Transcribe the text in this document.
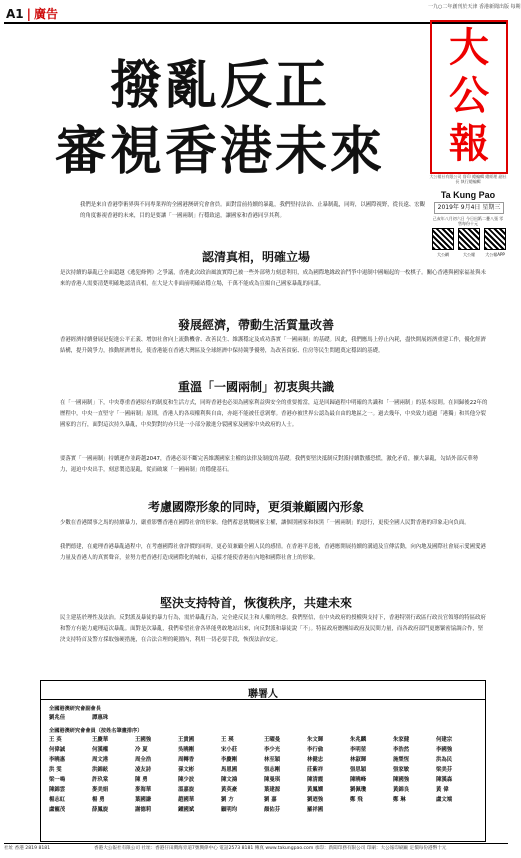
A1 | 廣告	一九○二年創刊於天津 香港新聞出版 每期
大
公
報
大公報社有限公司 督印 總編輯 總經理 副社長 執行總編輯
Ta Kung Pao
2019年 9月4日 星期三
己亥年八月初六日 今日出紙二疊八張 零售每份十元
大公網	大公報	大公報APP
撥亂反正
審視香港未來
我們是來自香港學術界與不同專業界的全國港澳研究會會員。面對當前持續的暴亂，我們堅持法治、止暴制亂，同時，以國際視野，從長遠、宏觀的角度審視香港的未來，目的是要讓「一國兩制」行穩致遠，讓國家和香港同享其利。
認清真相，明確立場
是次持續的暴亂已全面超越《逃犯條例》之爭議，香港此次政治風波實際已被一些外部勢力刻意利用，成為國際地緣政治鬥爭中遏制中國崛起的一枚棋子。關心香港與國家福祉與未來的香港人需要清楚明確地認清真相，在大是大非面前明確站穩立場，千萬不能成為宣揚自己國家暴亂的同謀。
發展經濟，帶動生活質量改善
香港經濟持續發展是促進公平正義、增加社會向上流動機會、改善民生、維護穩定及成功落實「一國兩制」的基礎。因此，我們應馬上停止內耗，盡快開展經濟重建工作，優化經濟結構，提升競爭力，推動經濟增長，使香港能在香港大灣區及全球經濟中保持競爭優勢，為改善貧窮、住房等民生問題奠定穩固的基礎。
重溫「一國兩制」初衷與共識
在「一國兩制」下，中央尊重香港原有的制度和生活方式，同時香港也必須為國家利益與安全的重要擔當，這是回歸過程中明確的共識和「一國兩制」的基本原則。在回歸後22年的歷程中，中央一直堅守「一國兩制」原則，香港人的各項權利與自由，亦絕不能被任意剝奪。香港亦被世界公認為最自由的地區之一。過去幾年，中央致力通過「港獨」和其他分裂國家的言行，面對這次持久暴亂，中央對對約亦只是一小部分激進分裂國家及國家中央政府的人士。
要落實「一國兩制」持續運作並跨越2047，香港必須不斷完善維護國家主權的法律及制度的基礎。我們要堅決抵制反對派持續散播恐慌，激化矛盾，擴大暴亂，勾結外部反華勢力，遏迫中央出手，刻意製造混亂，從而破壞「一國兩制」的穩健基石。
考慮國際形象的同時，更須兼顧國內形象
少數在香港鬧事之馬的持續暴力，嚴重影響香港在國際社會的形象。他們蓄意挑戰國家主權，讓個別國家和抹黑「一國兩制」的惡行，更使全國人民對香港的印象走向負面。
我們德建，在處理香港暴亂過程中，在考慮國際社會評價的同時，更必須兼顧全國人民的感情。在香港平息後，香港應開展持續的溝通及宣傳活動，向內地及國際社會展示愛國愛港力量及香港人的真實聲音，並努力把香港打造成國際化的城市，這樣才能使香港在內地和國際社會上的形象。
堅決支持特首，恢復秩序，共建未來
民主建基於理性及法治。反對派及暴徒的暴力行為，需於暴亂行為，完全違反民主和人權的理念。我們堅信，在中央政府的授權與支持下，香港特別行政區行政長官領導的特區政府和警方有能力處理這次暴亂。面對是次暴亂，我們希望社會各界能勇敢地站出來，向反對派和暴徒說「不」。特區政府應團結政府及民間力量，而各政府部門更應緊密協調合作，堅決支持特首及警方採取強硬措施，在合法合理的範圍內，利用一切必要手段，恢復法治安定。
聯署人
全國港澳研究會副會長
劉兆佳	譚惠珠
全國港澳研究會會員（按姓名筆畫排序）
王 英	王慶華	王國強	王貴國	王 瑛	王曜曼	朱文暉	朱兆麟	朱家健	何建宗
何偉誠	何漢權	冷 夏	吳曉剛	宋小莊	李少光	李行倫	李明堃	李浩然	李國強
李曉惠	周文港	周全浩	周轉香	李慶剛	林至穎	林健忠	林淑暉	施榮恆	洪為民
洪 雯	洪錦鉉	凌友詩	孫文彬	馬恩國	張志剛	莊紫祥	張思穎	張家敏	梁美芬
梁一鳴	許玖棠	陳 勇	陳少波	陳文鴻	陳曼琪	陳清霞	陳曉峰	陳國強	陳漢森
陳錦雲	麥美娟	麥海華	溫嘉旋	黃英豪	葉建源	黃鳳嫺	劉佩瓊	黃錦良	黃 偉
楊志紅	楊 勇	葉國謙	趙國華	劉 方	劉 嘉	劉迺強	鄭 飛	鄭 琳	盧文端
盧寵茂	薛鳳旋	謝德莉	鍾國斌	顧明均	顏佑芬	羅祥國
社址 香港 2819 8181	香港大公報社有限公司 社址：香港仔田灣海旁道7號興偉中心 電話2573 8181 傳真 www.takungpao.com 承印：新聞印務有限公司 印刷：大公報印刷廠 定價每份港幣十元
